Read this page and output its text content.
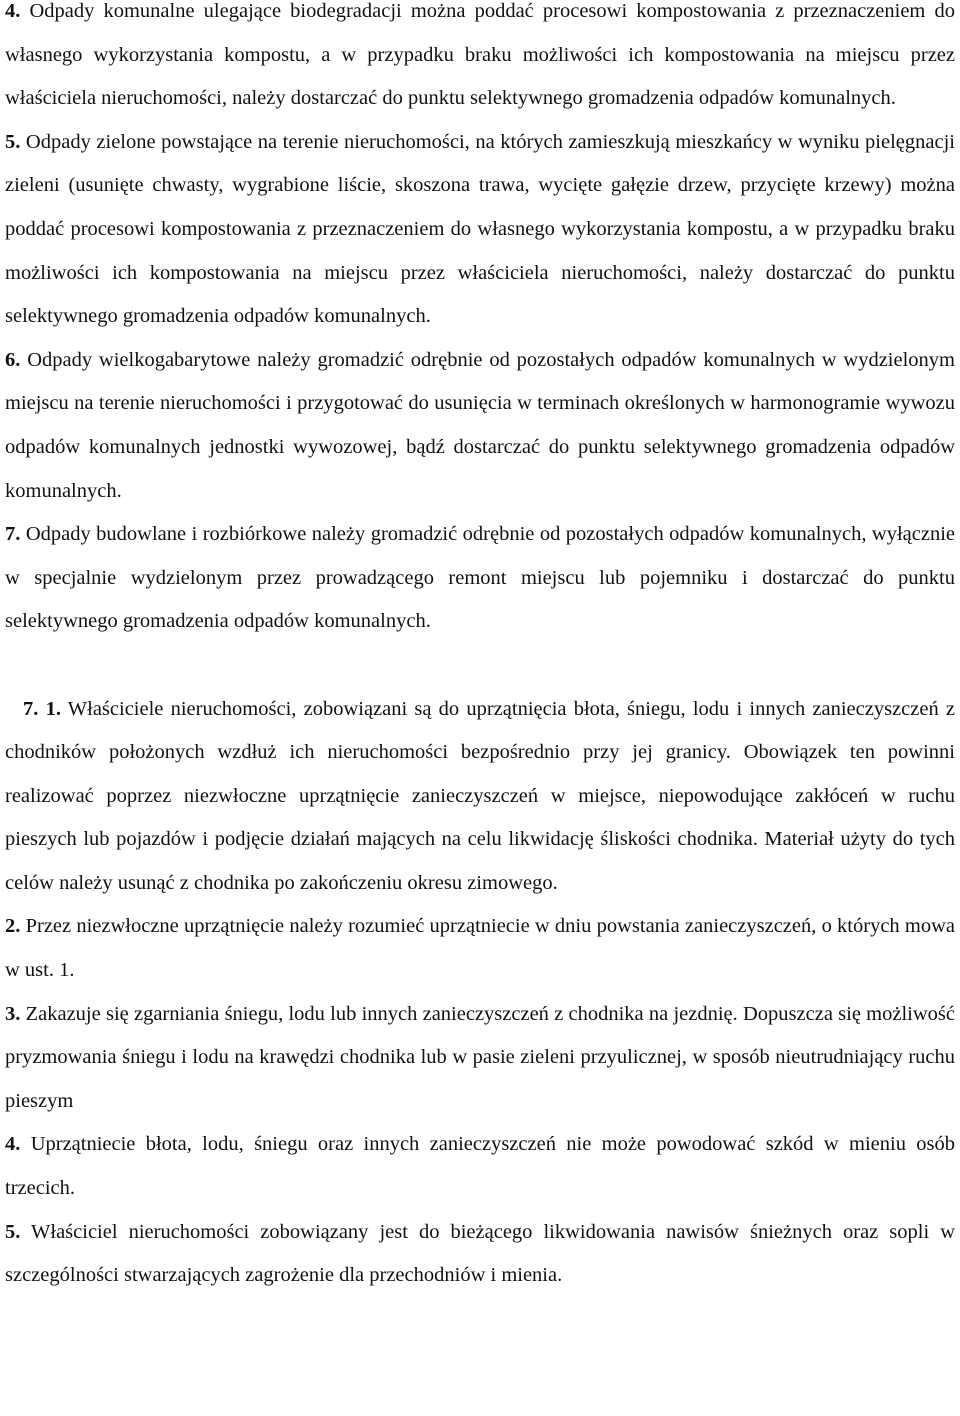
4. Odpady komunalne ulegające biodegradacji można poddać procesowi kompostowania z przeznaczeniem do własnego wykorzystania kompostu, a w przypadku braku możliwości ich kompostowania na miejscu przez właściciela nieruchomości, należy dostarczać do punktu selektywnego gromadzenia odpadów komunalnych.

5. Odpady zielone powstające na terenie nieruchomości, na których zamieszkują mieszkańcy w wyniku pielęgnacji zieleni (usunięte chwasty, wygrabione liście, skoszona trawa, wycięte gałęzie drzew, przycięte krzewy) można poddać procesowi kompostowania z przeznaczeniem do własnego wykorzystania kompostu, a w przypadku braku możliwości ich kompostowania na miejscu przez właściciela nieruchomości, należy dostarczać do punktu selektywnego gromadzenia odpadów komunalnych.

6. Odpady wielkogabarytowe należy gromadzić odrębnie od pozostałych odpadów komunalnych w wydzielonym miejscu na terenie nieruchomości i przygotować do usunięcia w terminach określonych w harmonogramie wywozu odpadów komunalnych jednostki wywozowej, bądź dostarczać do punktu selektywnego gromadzenia odpadów komunalnych.

7. Odpady budowlane i rozbiórkowe należy gromadzić odrębnie od pozostałych odpadów komunalnych, wyłącznie w specjalnie wydzielonym przez prowadzącego remont miejscu lub pojemniku i dostarczać do punktu selektywnego gromadzenia odpadów komunalnych.

7. 1. Właściciele nieruchomości, zobowiązani są do uprzątnięcia błota, śniegu, lodu i innych zanieczyszczeń z chodników położonych wzdłuż ich nieruchomości bezpośrednio przy jej granicy. Obowiązek ten powinni realizować poprzez niezwłoczne uprzątnięcie zanieczyszczeń w miejsce, niepowodujące zakłóceń w ruchu pieszych lub pojazdów i podjęcie działań mających na celu likwidację śliskości chodnika. Materiał użyty do tych celów należy usunąć z chodnika po zakończeniu okresu zimowego.

2. Przez niezwłoczne uprzątnięcie należy rozumieć uprzątniecie w dniu powstania zanieczyszczeń, o których mowa w ust. 1.

3. Zakazuje się zgarniania śniegu, lodu lub innych zanieczyszczeń z chodnika na jezdnię. Dopuszcza się możliwość pryzmowania śniegu i lodu na krawędzi chodnika lub w pasie zieleni przyulicznej, w sposób nieutrudniający ruchu pieszym

4. Uprzątniecie błota, lodu, śniegu oraz innych zanieczyszczeń nie może powodować szkód w mieniu osób trzecich.

5. Właściciel nieruchomości zobowiązany jest do bieżącego likwidowania nawisów śnieżnych oraz sopli w szczególności stwarzających zagrożenie dla przechodniów i mienia.
